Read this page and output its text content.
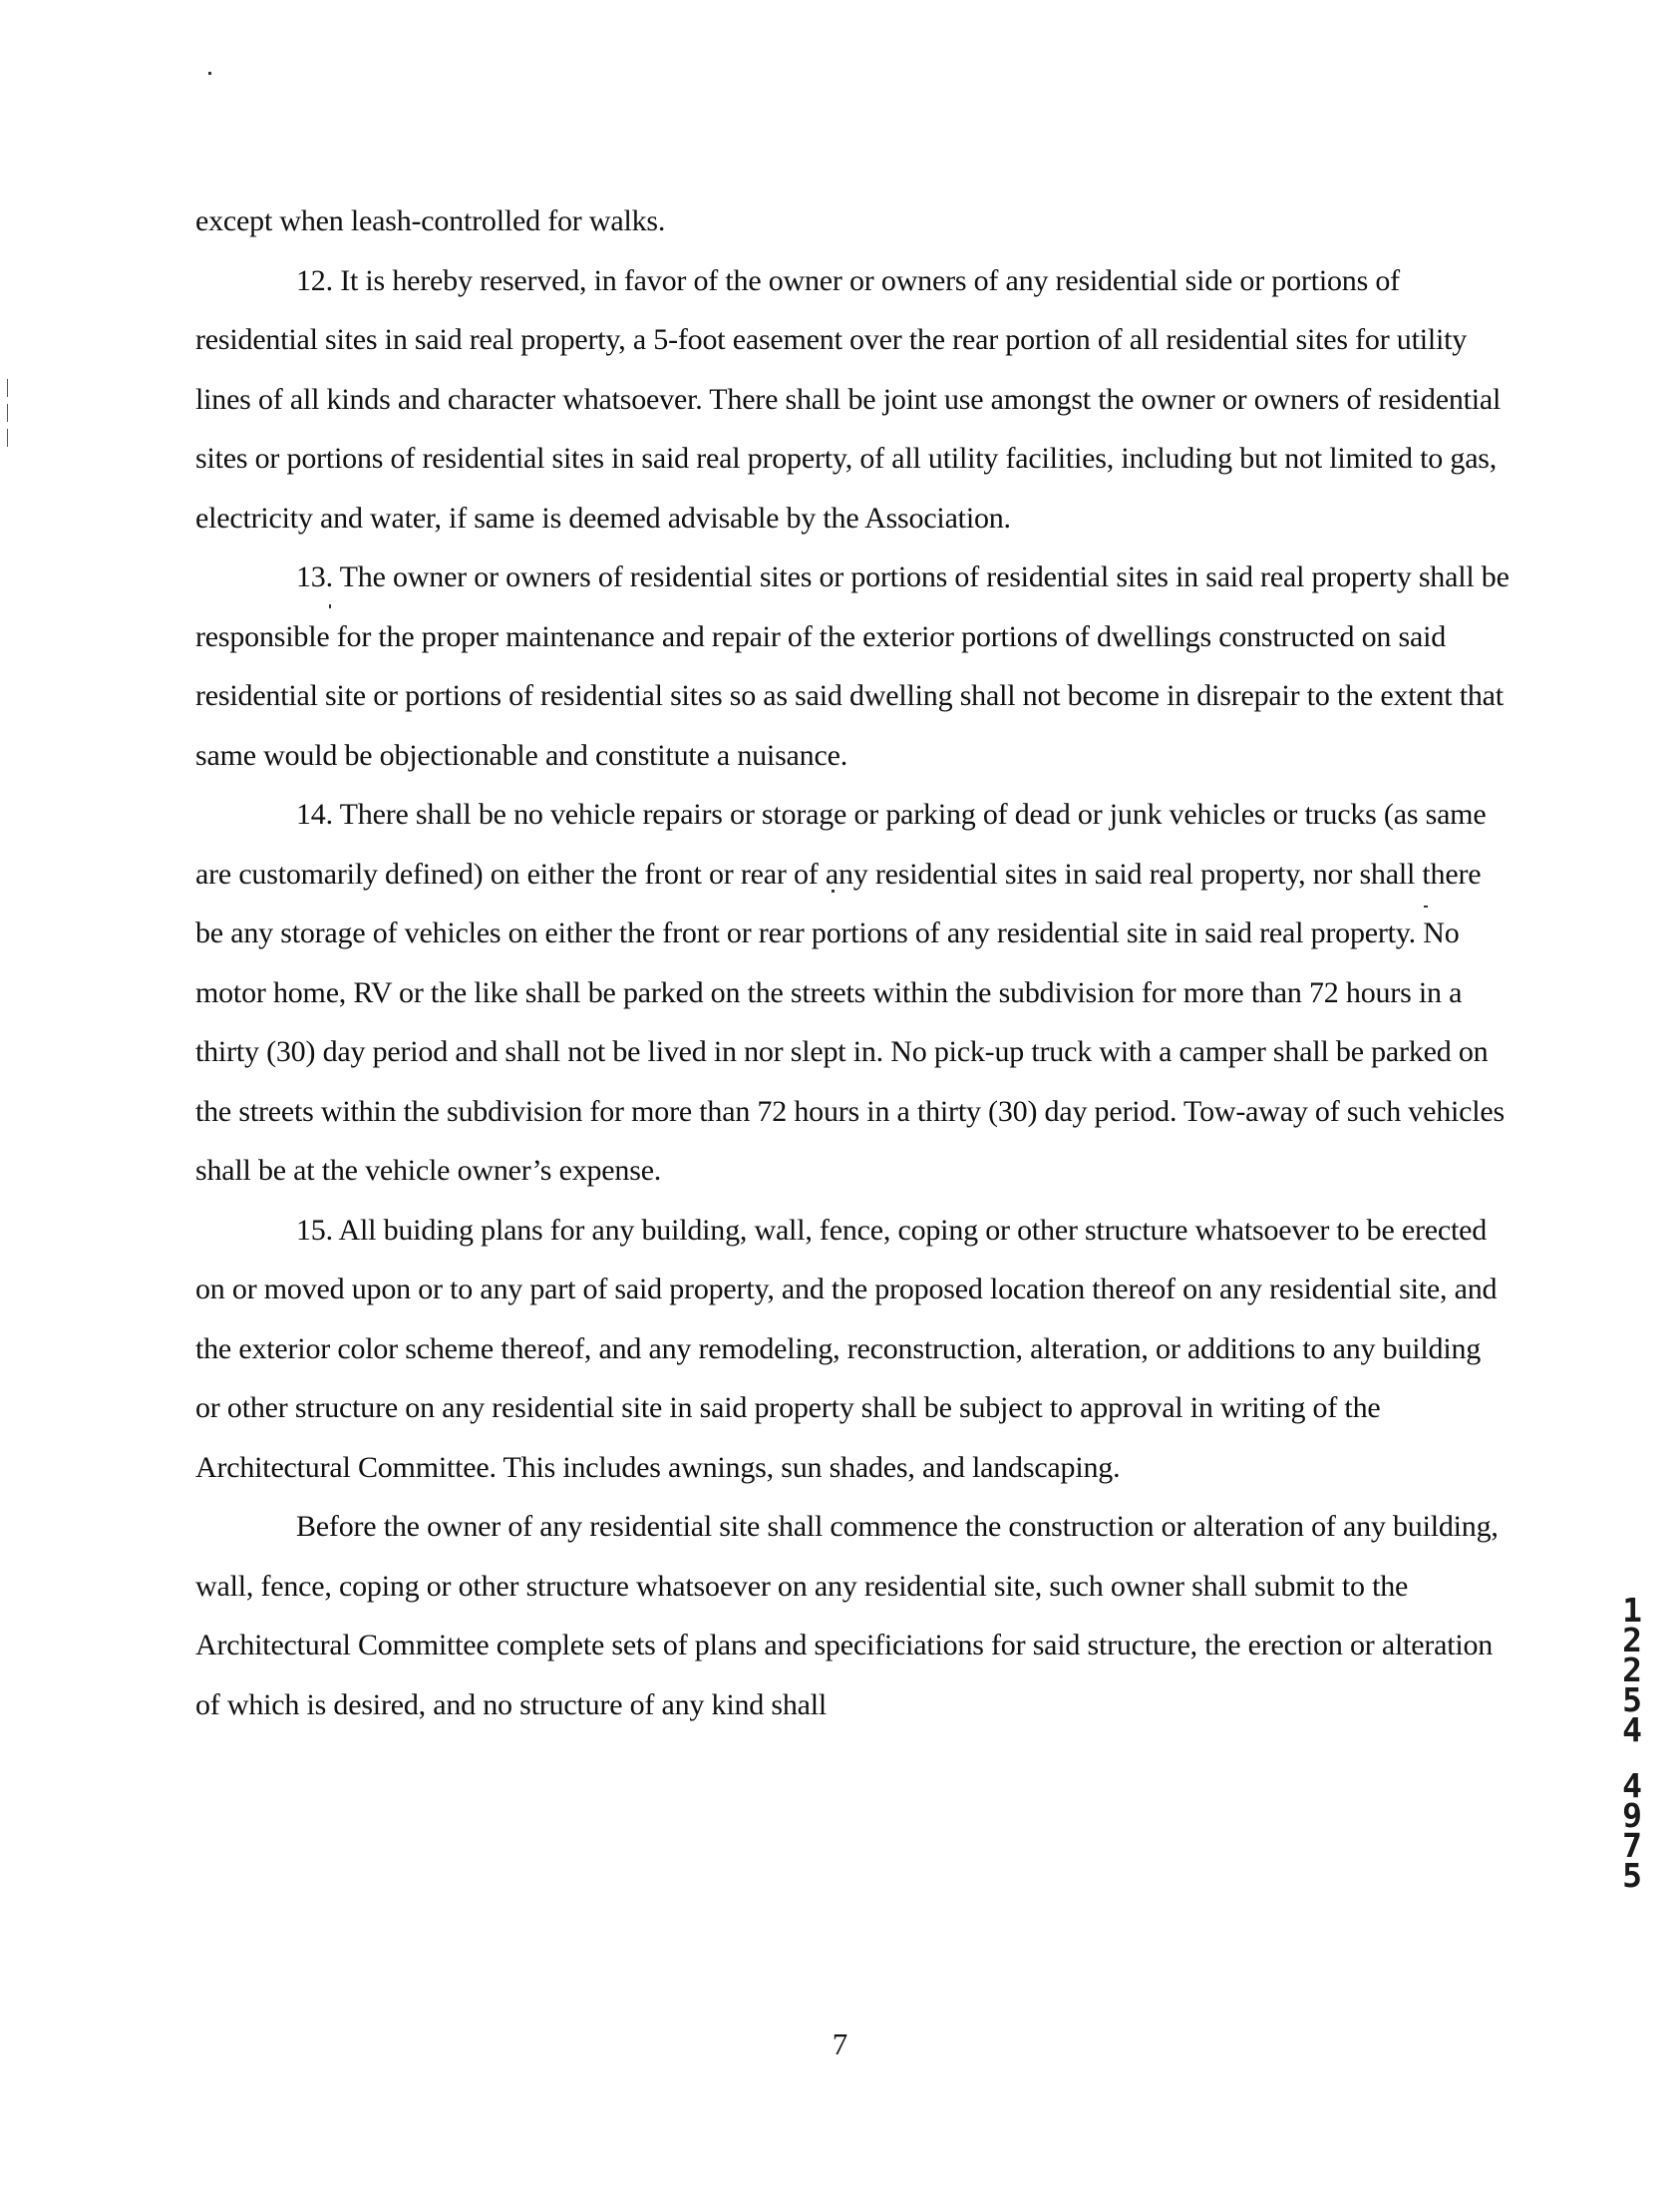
except when leash-controlled for walks.

12. It is hereby reserved, in favor of the owner or owners of any residential side or portions of residential sites in said real property, a 5-foot easement over the rear portion of all residential sites for utility lines of all kinds and character whatsoever. There shall be joint use amongst the owner or owners of residential sites or portions of residential sites in said real property, of all utility facilities, including but not limited to gas, electricity and water, if same is deemed advisable by the Association.

13. The owner or owners of residential sites or portions of residential sites in said real property shall be responsible for the proper maintenance and repair of the exterior portions of dwellings constructed on said residential site or portions of residential sites so as said dwelling shall not become in disrepair to the extent that same would be objectionable and constitute a nuisance.

14. There shall be no vehicle repairs or storage or parking of dead or junk vehicles or trucks (as same are customarily defined) on either the front or rear of any residential sites in said real property, nor shall there be any storage of vehicles on either the front or rear portions of any residential site in said real property. No motor home, RV or the like shall be parked on the streets within the subdivision for more than 72 hours in a thirty (30) day period and shall not be lived in nor slept in. No pick-up truck with a camper shall be parked on the streets within the subdivision for more than 72 hours in a thirty (30) day period. Tow-away of such vehicles shall be at the vehicle owner’s expense.

15. All buiding plans for any building, wall, fence, coping or other structure whatsoever to be erected on or moved upon or to any part of said property, and the proposed location thereof on any residential site, and the exterior color scheme thereof, and any remodeling, reconstruction, alteration, or additions to any building or other structure on any residential site in said property shall be subject to approval in writing of the Architectural Committee. This includes awnings, sun shades, and landscaping.

Before the owner of any residential site shall commence the construction or alteration of any building, wall, fence, coping or other structure whatsoever on any residential site, such owner shall submit to the Architectural Committee complete sets of plans and specificiations for said structure, the erection or alteration of which is desired, and no structure of any kind shall

7
1
2
2
5
4
4
9
7
5
